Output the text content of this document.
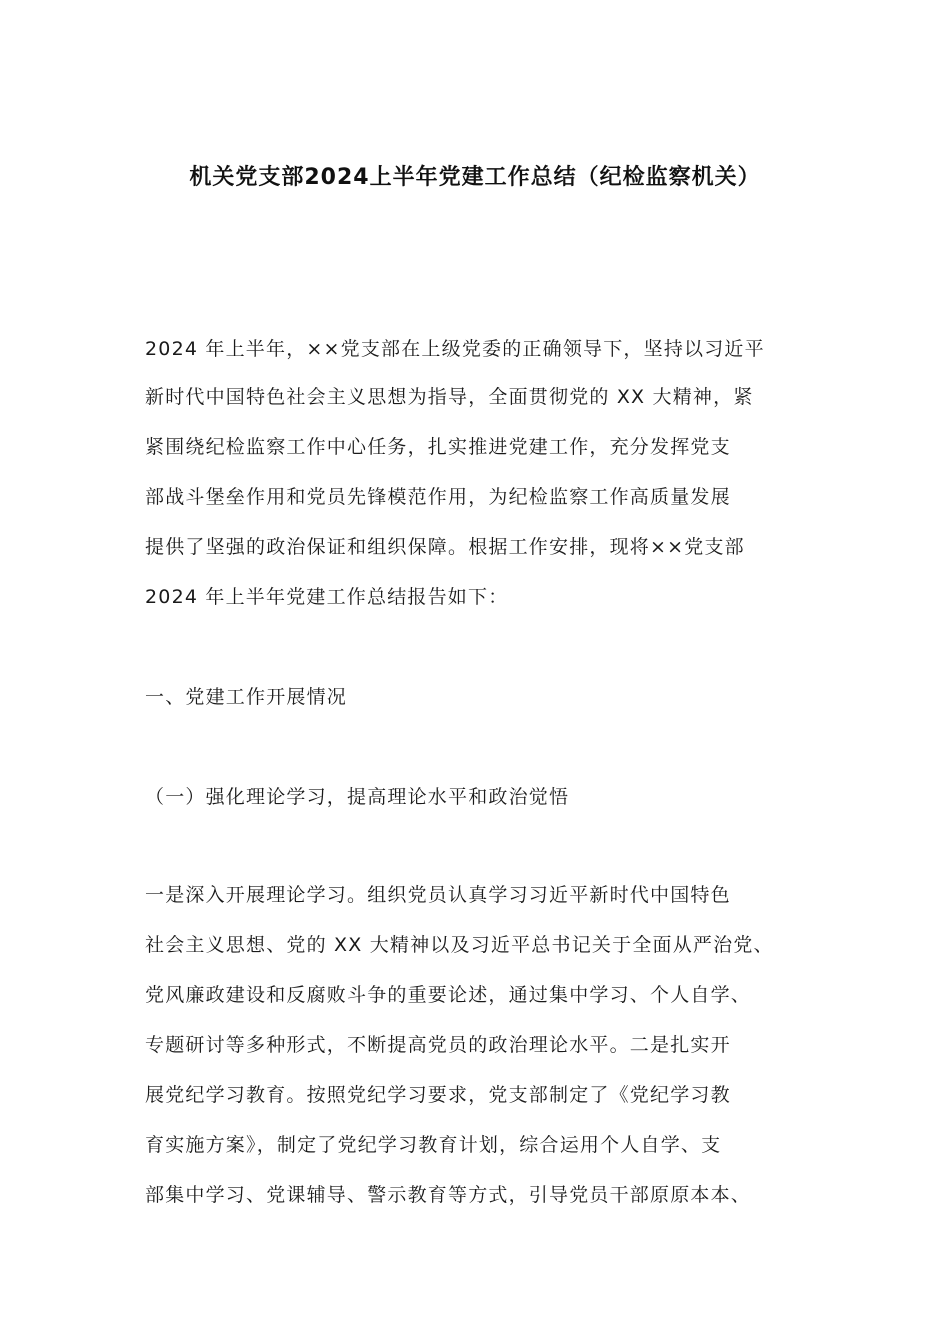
机关党支部2024上半年党建工作总结（纪检监察机关）
2024 年上半年，××党支部在上级党委的正确领导下，坚持以习近平
新时代中国特色社会主义思想为指导，全面贯彻党的 XX 大精神，紧
紧围绕纪检监察工作中心任务，扎实推进党建工作，充分发挥党支
部战斗堡垒作用和党员先锋模范作用，为纪检监察工作高质量发展
提供了坚强的政治保证和组织保障。根据工作安排，现将××党支部
2024 年上半年党建工作总结报告如下：
一、党建工作开展情况
（一）强化理论学习，提高理论水平和政治觉悟
一是深入开展理论学习。组织党员认真学习习近平新时代中国特色
社会主义思想、党的 XX 大精神以及习近平总书记关于全面从严治党、
党风廉政建设和反腐败斗争的重要论述，通过集中学习、个人自学、
专题研讨等多种形式，不断提高党员的政治理论水平。二是扎实开
展党纪学习教育。按照党纪学习要求，党支部制定了《党纪学习教
育实施方案》，制定了党纪学习教育计划，综合运用个人自学、支
部集中学习、党课辅导、警示教育等方式，引导党员干部原原本本、
